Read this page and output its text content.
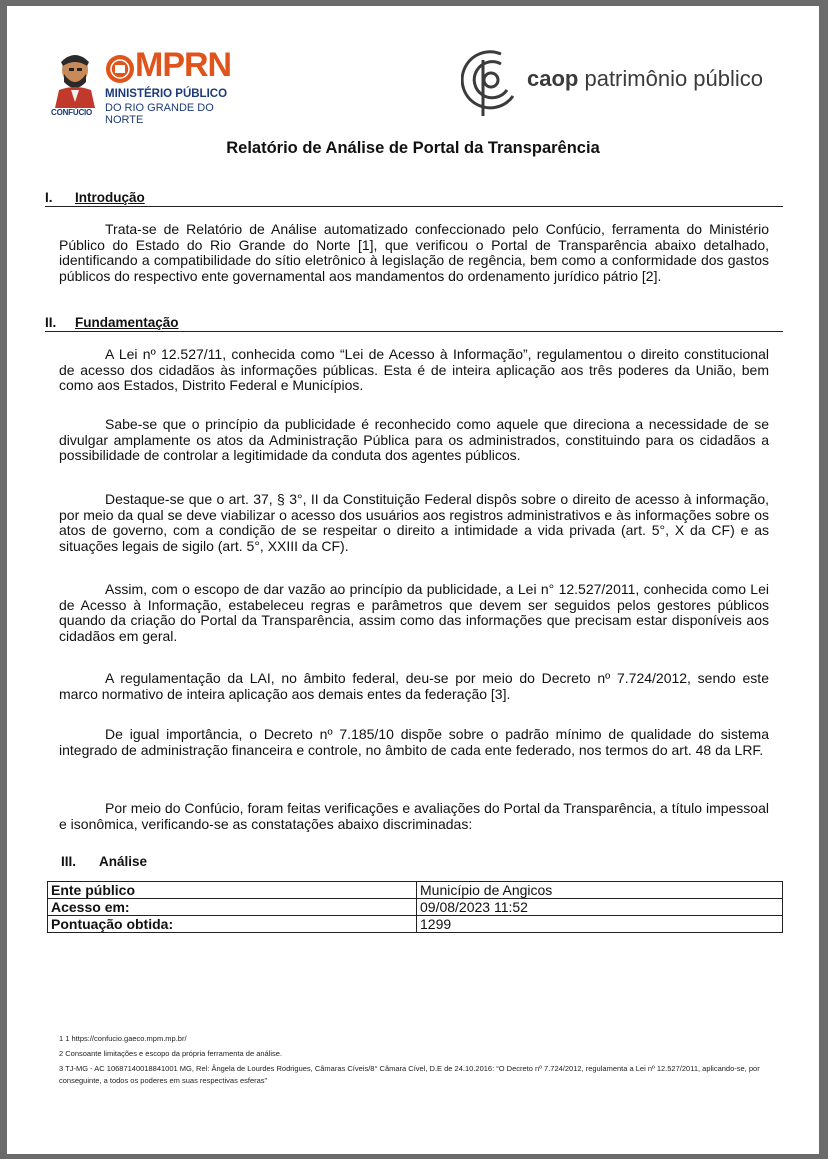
CONFÚCIO
MPRN
MINISTÉRIO PÚBLICO
DO RIO GRANDE DO NORTE
caop patrimônio público
Relatório de Análise de Portal da Transparência
I. Introdução
Trata-se de Relatório de Análise automatizado confeccionado pelo Confúcio, ferramenta do Ministério Público do Estado do Rio Grande do Norte [1], que verificou o Portal de Transparência abaixo detalhado, identificando a compatibilidade do sítio eletrônico à legislação de regência, bem como a conformidade dos gastos públicos do respectivo ente governamental aos mandamentos do ordenamento jurídico pátrio [2].
II. Fundamentação
A Lei nº 12.527/11, conhecida como “Lei de Acesso à Informação”, regulamentou o direito constitucional de acesso dos cidadãos às informações públicas. Esta é de inteira aplicação aos três poderes da União, bem como aos Estados, Distrito Federal e Municípios.
Sabe-se que o princípio da publicidade é reconhecido como aquele que direciona a necessidade de se divulgar amplamente os atos da Administração Pública para os administrados, constituindo para os cidadãos a possibilidade de controlar a legitimidade da conduta dos agentes públicos.
Destaque-se que o art. 37, § 3°, II da Constituição Federal dispôs sobre o direito de acesso à informação, por meio da qual se deve viabilizar o acesso dos usuários aos registros administrativos e às informações sobre os atos de governo, com a condição de se respeitar o direito a intimidade a vida privada (art. 5°, X da CF) e as situações legais de sigilo (art. 5°, XXIII da CF).
Assim, com o escopo de dar vazão ao princípio da publicidade, a Lei n° 12.527/2011, conhecida como Lei de Acesso à Informação, estabeleceu regras e parâmetros que devem ser seguidos pelos gestores públicos quando da criação do Portal da Transparência, assim como das informações que precisam estar disponíveis aos cidadãos em geral.
A regulamentação da LAI, no âmbito federal, deu-se por meio do Decreto nº 7.724/2012, sendo este marco normativo de inteira aplicação aos demais entes da federação [3].
De igual importância, o Decreto nº 7.185/10 dispõe sobre o padrão mínimo de qualidade do sistema integrado de administração financeira e controle, no âmbito de cada ente federado, nos termos do art. 48 da LRF.
Por meio do Confúcio, foram feitas verificações e avaliações do Portal da Transparência, a título impessoal e isonômica, verificando-se as constatações abaixo discriminadas:
III. Análise
Ente público	Município de Angicos
Acesso em:	09/08/2023 11:52
Pontuação obtida:	1299
1 1 https://confucio.gaeco.mpm.mp.br/
2 Consoante limitações e escopo da própria ferramenta de análise.
3 TJ-MG - AC 10687140018841001 MG, Rel: Ângela de Lourdes Rodrigues, Câmaras Cíveis/8° Câmara Cível, D.E de 24.10.2016: “O Decreto nº 7.724/2012, regulamenta a Lei nº 12.527/2011, aplicando-se, por conseguinte, a todos os poderes em suas respectivas esferas”
